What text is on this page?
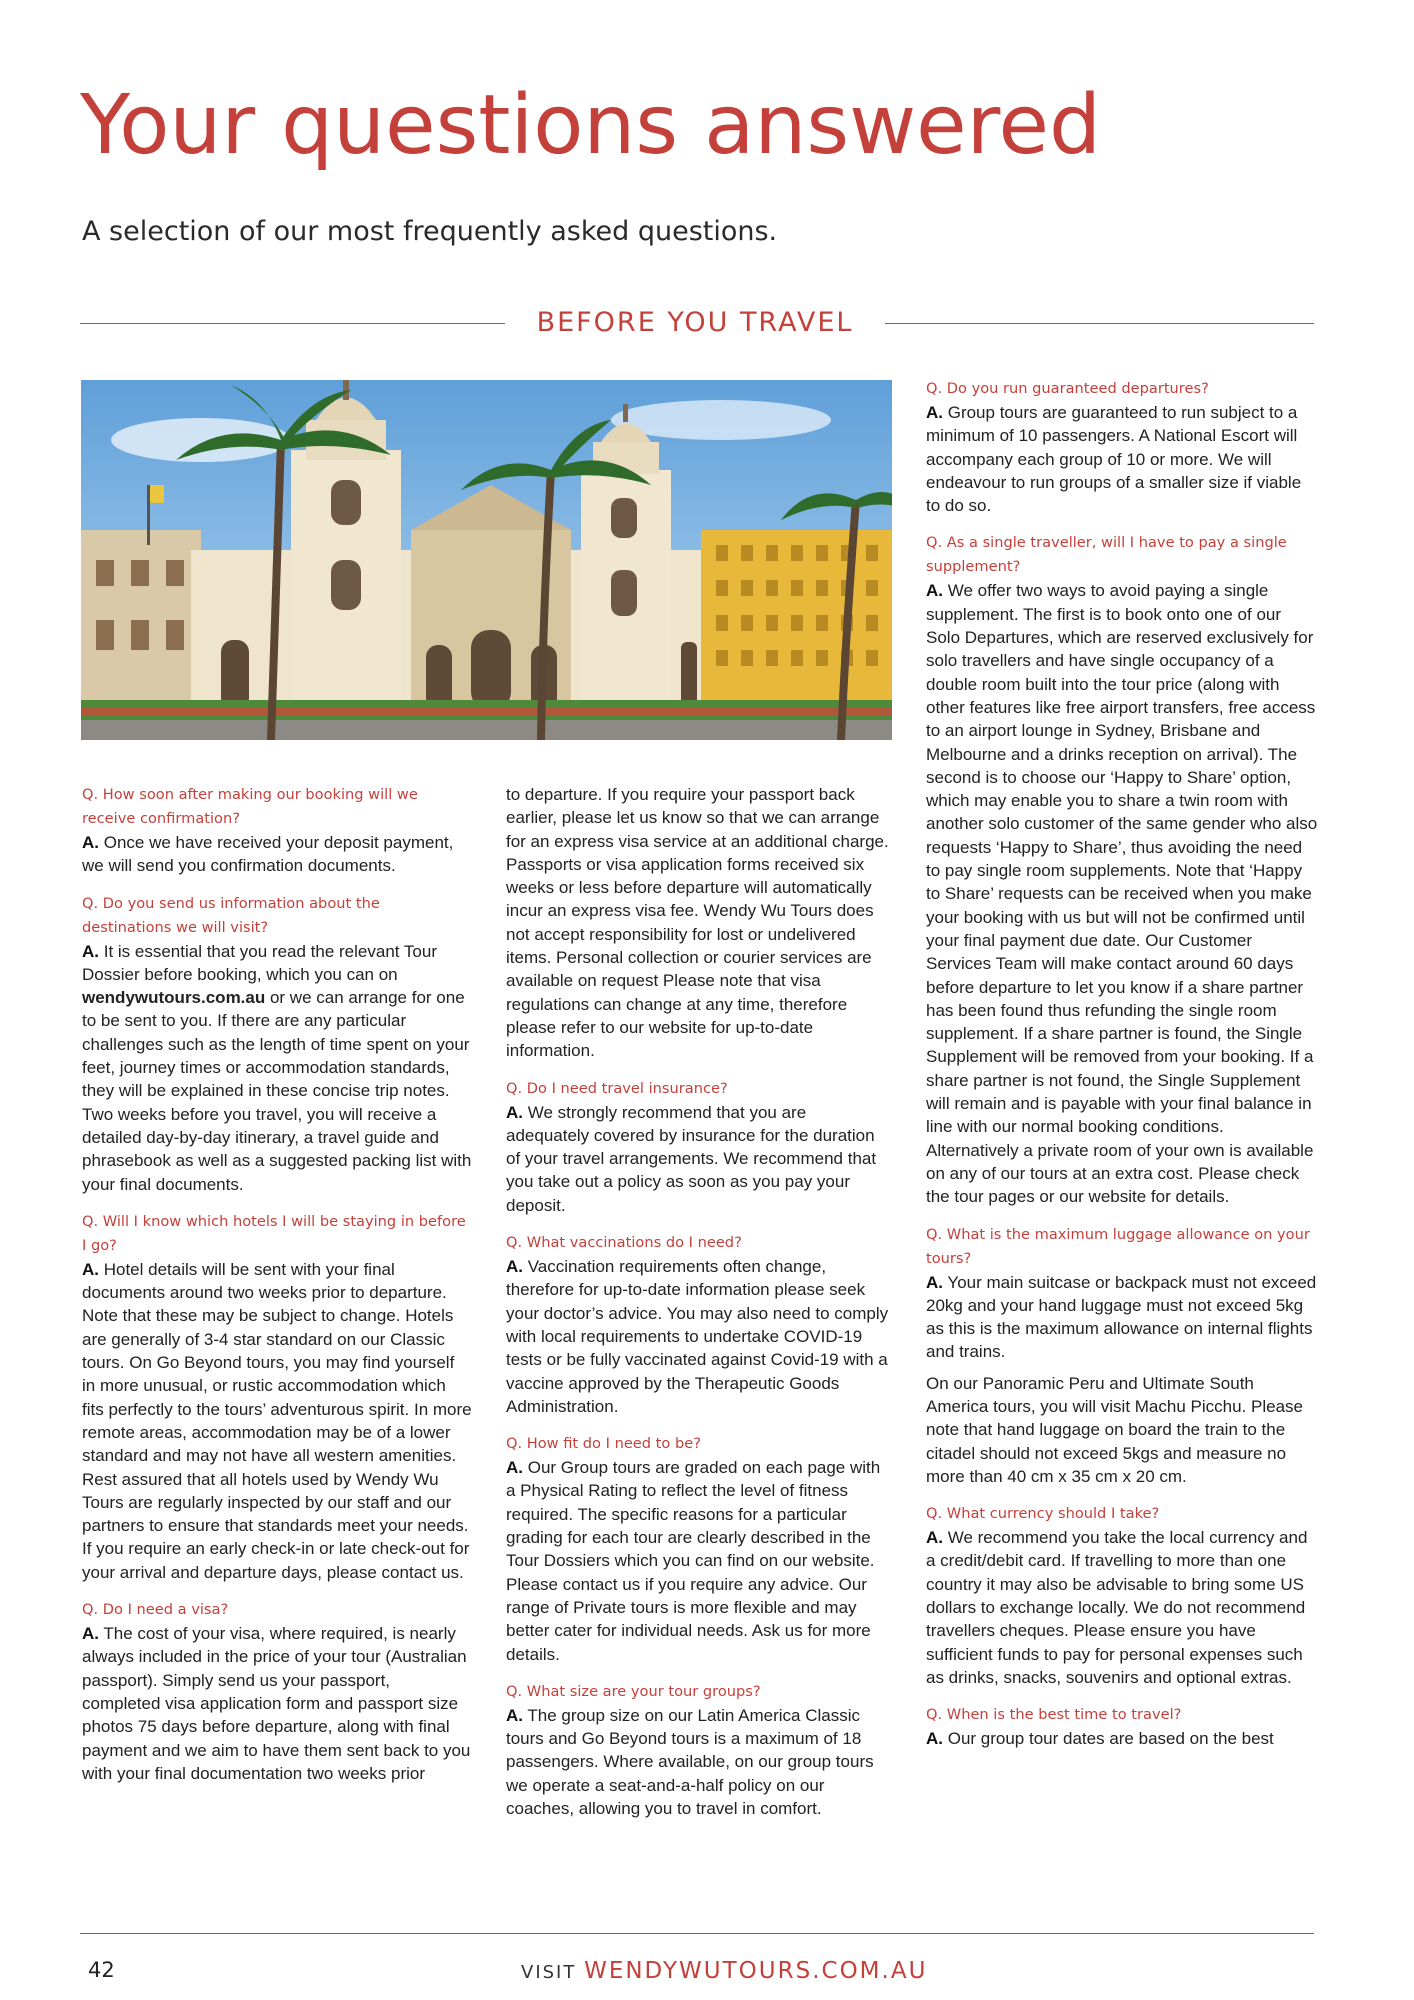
Your questions answered

A selection of our most frequently asked questions.

BEFORE YOU TRAVEL

Q. How soon after making our booking will we receive confirmation?

A. Once we have received your deposit payment, we will send you confirmation documents.

Q. Do you send us information about the destinations we will visit?

A. It is essential that you read the relevant Tour Dossier before booking, which you can on wendywutours.com.au or we can arrange for one to be sent to you. If there are any particular challenges such as the length of time spent on your feet, journey times or accommodation standards, they will be explained in these concise trip notes. Two weeks before you travel, you will receive a detailed day-by-day itinerary, a travel guide and phrasebook as well as a suggested packing list with your final documents.

Q. Will I know which hotels I will be staying in before I go?

A. Hotel details will be sent with your final documents around two weeks prior to departure. Note that these may be subject to change. Hotels are generally of 3-4 star standard on our Classic tours. On Go Beyond tours, you may find yourself in more unusual, or rustic accommodation which fits perfectly to the tours’ adventurous spirit. In more remote areas, accommodation may be of a lower standard and may not have all western amenities. Rest assured that all hotels used by Wendy Wu Tours are regularly inspected by our staff and our partners to ensure that standards meet your needs. If you require an early check-in or late check-out for your arrival and departure days, please contact us.

Q. Do I need a visa?

A. The cost of your visa, where required, is nearly always included in the price of your tour (Australian passport). Simply send us your passport, completed visa application form and passport size photos 75 days before departure, along with final payment and we aim to have them sent back to you with your final documentation two weeks prior

to departure. If you require your passport back earlier, please let us know so that we can arrange for an express visa service at an additional charge. Passports or visa application forms received six weeks or less before departure will automatically incur an express visa fee. Wendy Wu Tours does not accept responsibility for lost or undelivered items. Personal collection or courier services are available on request Please note that visa regulations can change at any time, therefore please refer to our website for up-to-date information.

Q. Do I need travel insurance?

A. We strongly recommend that you are adequately covered by insurance for the duration of your travel arrangements. We recommend that you take out a policy as soon as you pay your deposit.

Q. What vaccinations do I need?

A. Vaccination requirements often change, therefore for up-to-date information please seek your doctor’s advice. You may also need to comply with local requirements to undertake COVID-19 tests or be fully vaccinated against Covid-19 with a vaccine approved by the Therapeutic Goods Administration.

Q. How fit do I need to be?

A. Our Group tours are graded on each page with a Physical Rating to reflect the level of fitness required. The specific reasons for a particular grading for each tour are clearly described in the Tour Dossiers which you can find on our website. Please contact us if you require any advice. Our range of Private tours is more flexible and may better cater for individual needs. Ask us for more details.

Q. What size are your tour groups?

A. The group size on our Latin America Classic tours and Go Beyond tours is a maximum of 18 passengers. Where available, on our group tours we operate a seat-and-a-half policy on our coaches, allowing you to travel in comfort.

Q. Do you run guaranteed departures?

A. Group tours are guaranteed to run subject to a minimum of 10 passengers. A National Escort will accompany each group of 10 or more. We will endeavour to run groups of a smaller size if viable to do so.

Q. As a single traveller, will I have to pay a single supplement?

A. We offer two ways to avoid paying a single supplement. The first is to book onto one of our Solo Departures, which are reserved exclusively for solo travellers and have single occupancy of a double room built into the tour price (along with other features like free airport transfers, free access to an airport lounge in Sydney, Brisbane and Melbourne and a drinks reception on arrival). The second is to choose our ‘Happy to Share’ option, which may enable you to share a twin room with another solo customer of the same gender who also requests ‘Happy to Share’, thus avoiding the need to pay single room supplements. Note that ‘Happy to Share’ requests can be received when you make your booking with us but will not be confirmed until your final payment due date. Our Customer Services Team will make contact around 60 days before departure to let you know if a share partner has been found thus refunding the single room supplement. If a share partner is found, the Single Supplement will be removed from your booking. If a share partner is not found, the Single Supplement will remain and is payable with your final balance in line with our normal booking conditions. Alternatively a private room of your own is available on any of our tours at an extra cost. Please check the tour pages or our website for details.

Q. What is the maximum luggage allowance on your tours?

A. Your main suitcase or backpack must not exceed 20kg and your hand luggage must not exceed 5kg as this is the maximum allowance on internal flights and trains.

On our Panoramic Peru and Ultimate South America tours, you will visit Machu Picchu. Please note that hand luggage on board the train to the citadel should not exceed 5kgs and measure no more than 40 cm x 35 cm x 20 cm.

Q. What currency should I take?

A. We recommend you take the local currency and a credit/debit card. If travelling to more than one country it may also be advisable to bring some US dollars to exchange locally. We do not recommend travellers cheques. Please ensure you have sufficient funds to pay for personal expenses such as drinks, snacks, souvenirs and optional extras.

Q. When is the best time to travel?

A. Our group tour dates are based on the best

42	VISIT WENDYWUTOURS.COM.AU
